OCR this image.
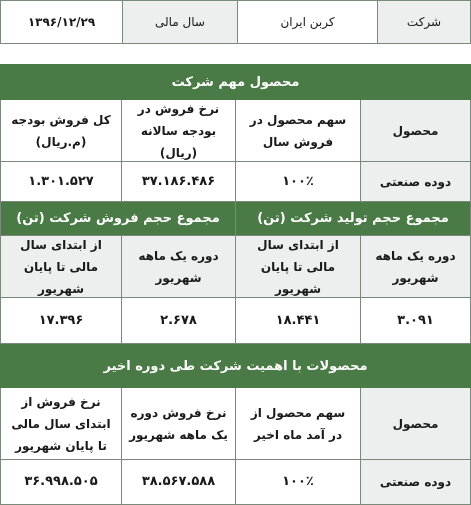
شرکت
کربن ایران
سال مالی
۱۳۹۶/۱۲/۲۹
محصول مهم شرکت
محصول
سهم محصول در فروش سال
نرخ فروش در بودجه سالانه (ریال)
کل فروش بودجه (م.ریال)
دوده صنعتی
۱۰۰٪
۳۷.۱۸۶.۴۸۶
۱.۳۰۱.۵۲۷
مجموع حجم تولید شرکت (تن)
مجموع حجم فروش شرکت (تن)
دوره یک ماهه شهریور
از ابتدای سال مالی تا پایان شهریور
دوره یک ماهه شهریور
از ابتدای سال مالی تا پایان شهریور
۳.۰۹۱
۱۸.۴۴۱
۲.۶۷۸
۱۷.۳۹۶
محصولات با اهمیت شرکت طی دوره اخیر
محصول
سهم محصول از در آمد ماه اخیر
نرخ فروش دوره یک ماهه شهریور
نرخ فروش از ابتدای سال مالی تا پایان شهریور
دوده صنعتی
۱۰۰٪
۳۸.۵۶۷.۵۸۸
۳۶.۹۹۸.۵۰۵
